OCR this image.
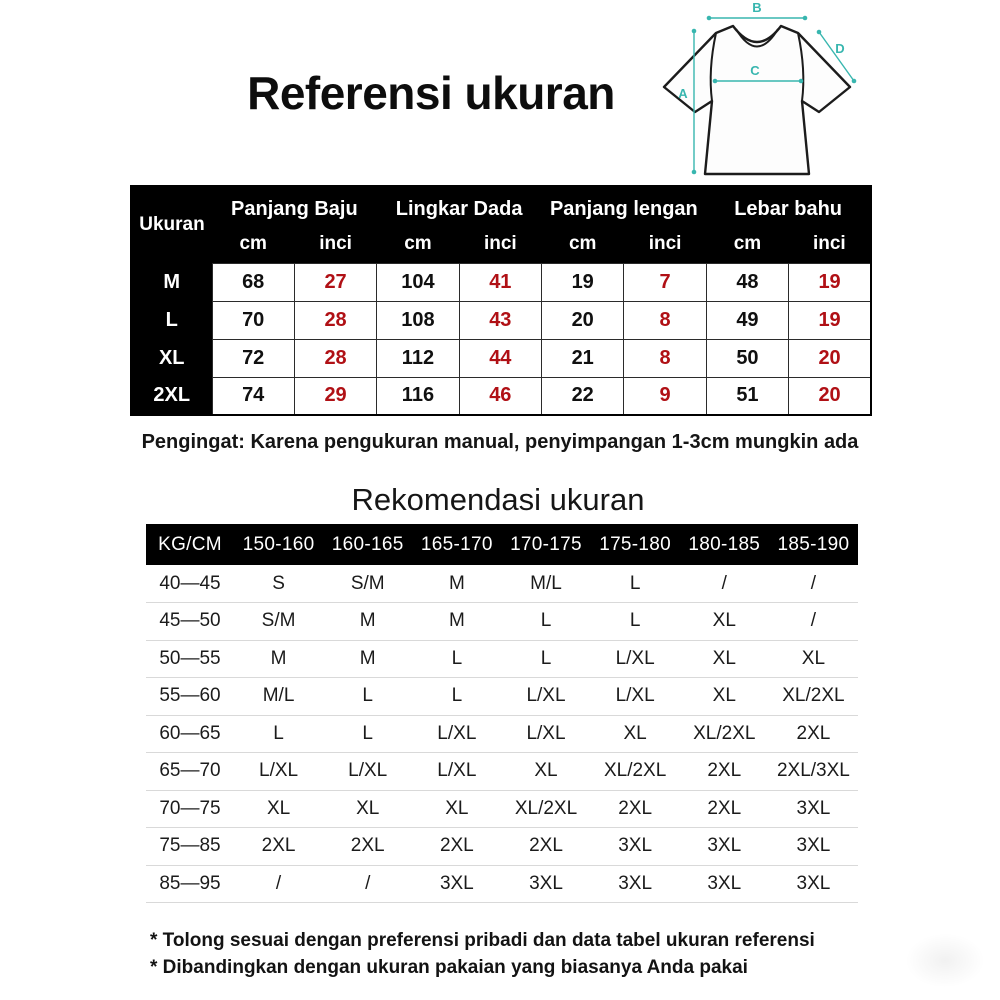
Referensi ukuran
B
A
C
D
Ukuran	Panjang Baju		Lingkar Dada		Panjang lengan		Lebar bahu	
	cm	inci	cm	inci	cm	inci	cm	inci
M	68	27	104	41	19	7	48	19
L	70	28	108	43	20	8	49	19
XL	72	28	112	44	21	8	50	20
2XL	74	29	116	46	22	9	51	20

Pengingat: Karena pengukuran manual, penyimpangan 1-3cm mungkin ada

Rekomendasi ukuran
KG/CM	150-160	160-165	165-170	170-175	175-180	180-185	185-190
40—45	S	S/M	M	M/L	L	/	/
45—50	S/M	M	M	L	L	XL	/
50—55	M	M	L	L	L/XL	XL	XL
55—60	M/L	L	L	L/XL	L/XL	XL	XL/2XL
60—65	L	L	L/XL	L/XL	XL	XL/2XL	2XL
65—70	L/XL	L/XL	L/XL	XL	XL/2XL	2XL	2XL/3XL
70—75	XL	XL	XL	XL/2XL	2XL	2XL	3XL
75—85	2XL	2XL	2XL	2XL	3XL	3XL	3XL
85—95	/	/	3XL	3XL	3XL	3XL	3XL

* Tolong sesuai dengan preferensi pribadi dan data tabel ukuran referensi

* Dibandingkan dengan ukuran pakaian yang biasanya Anda pakai
